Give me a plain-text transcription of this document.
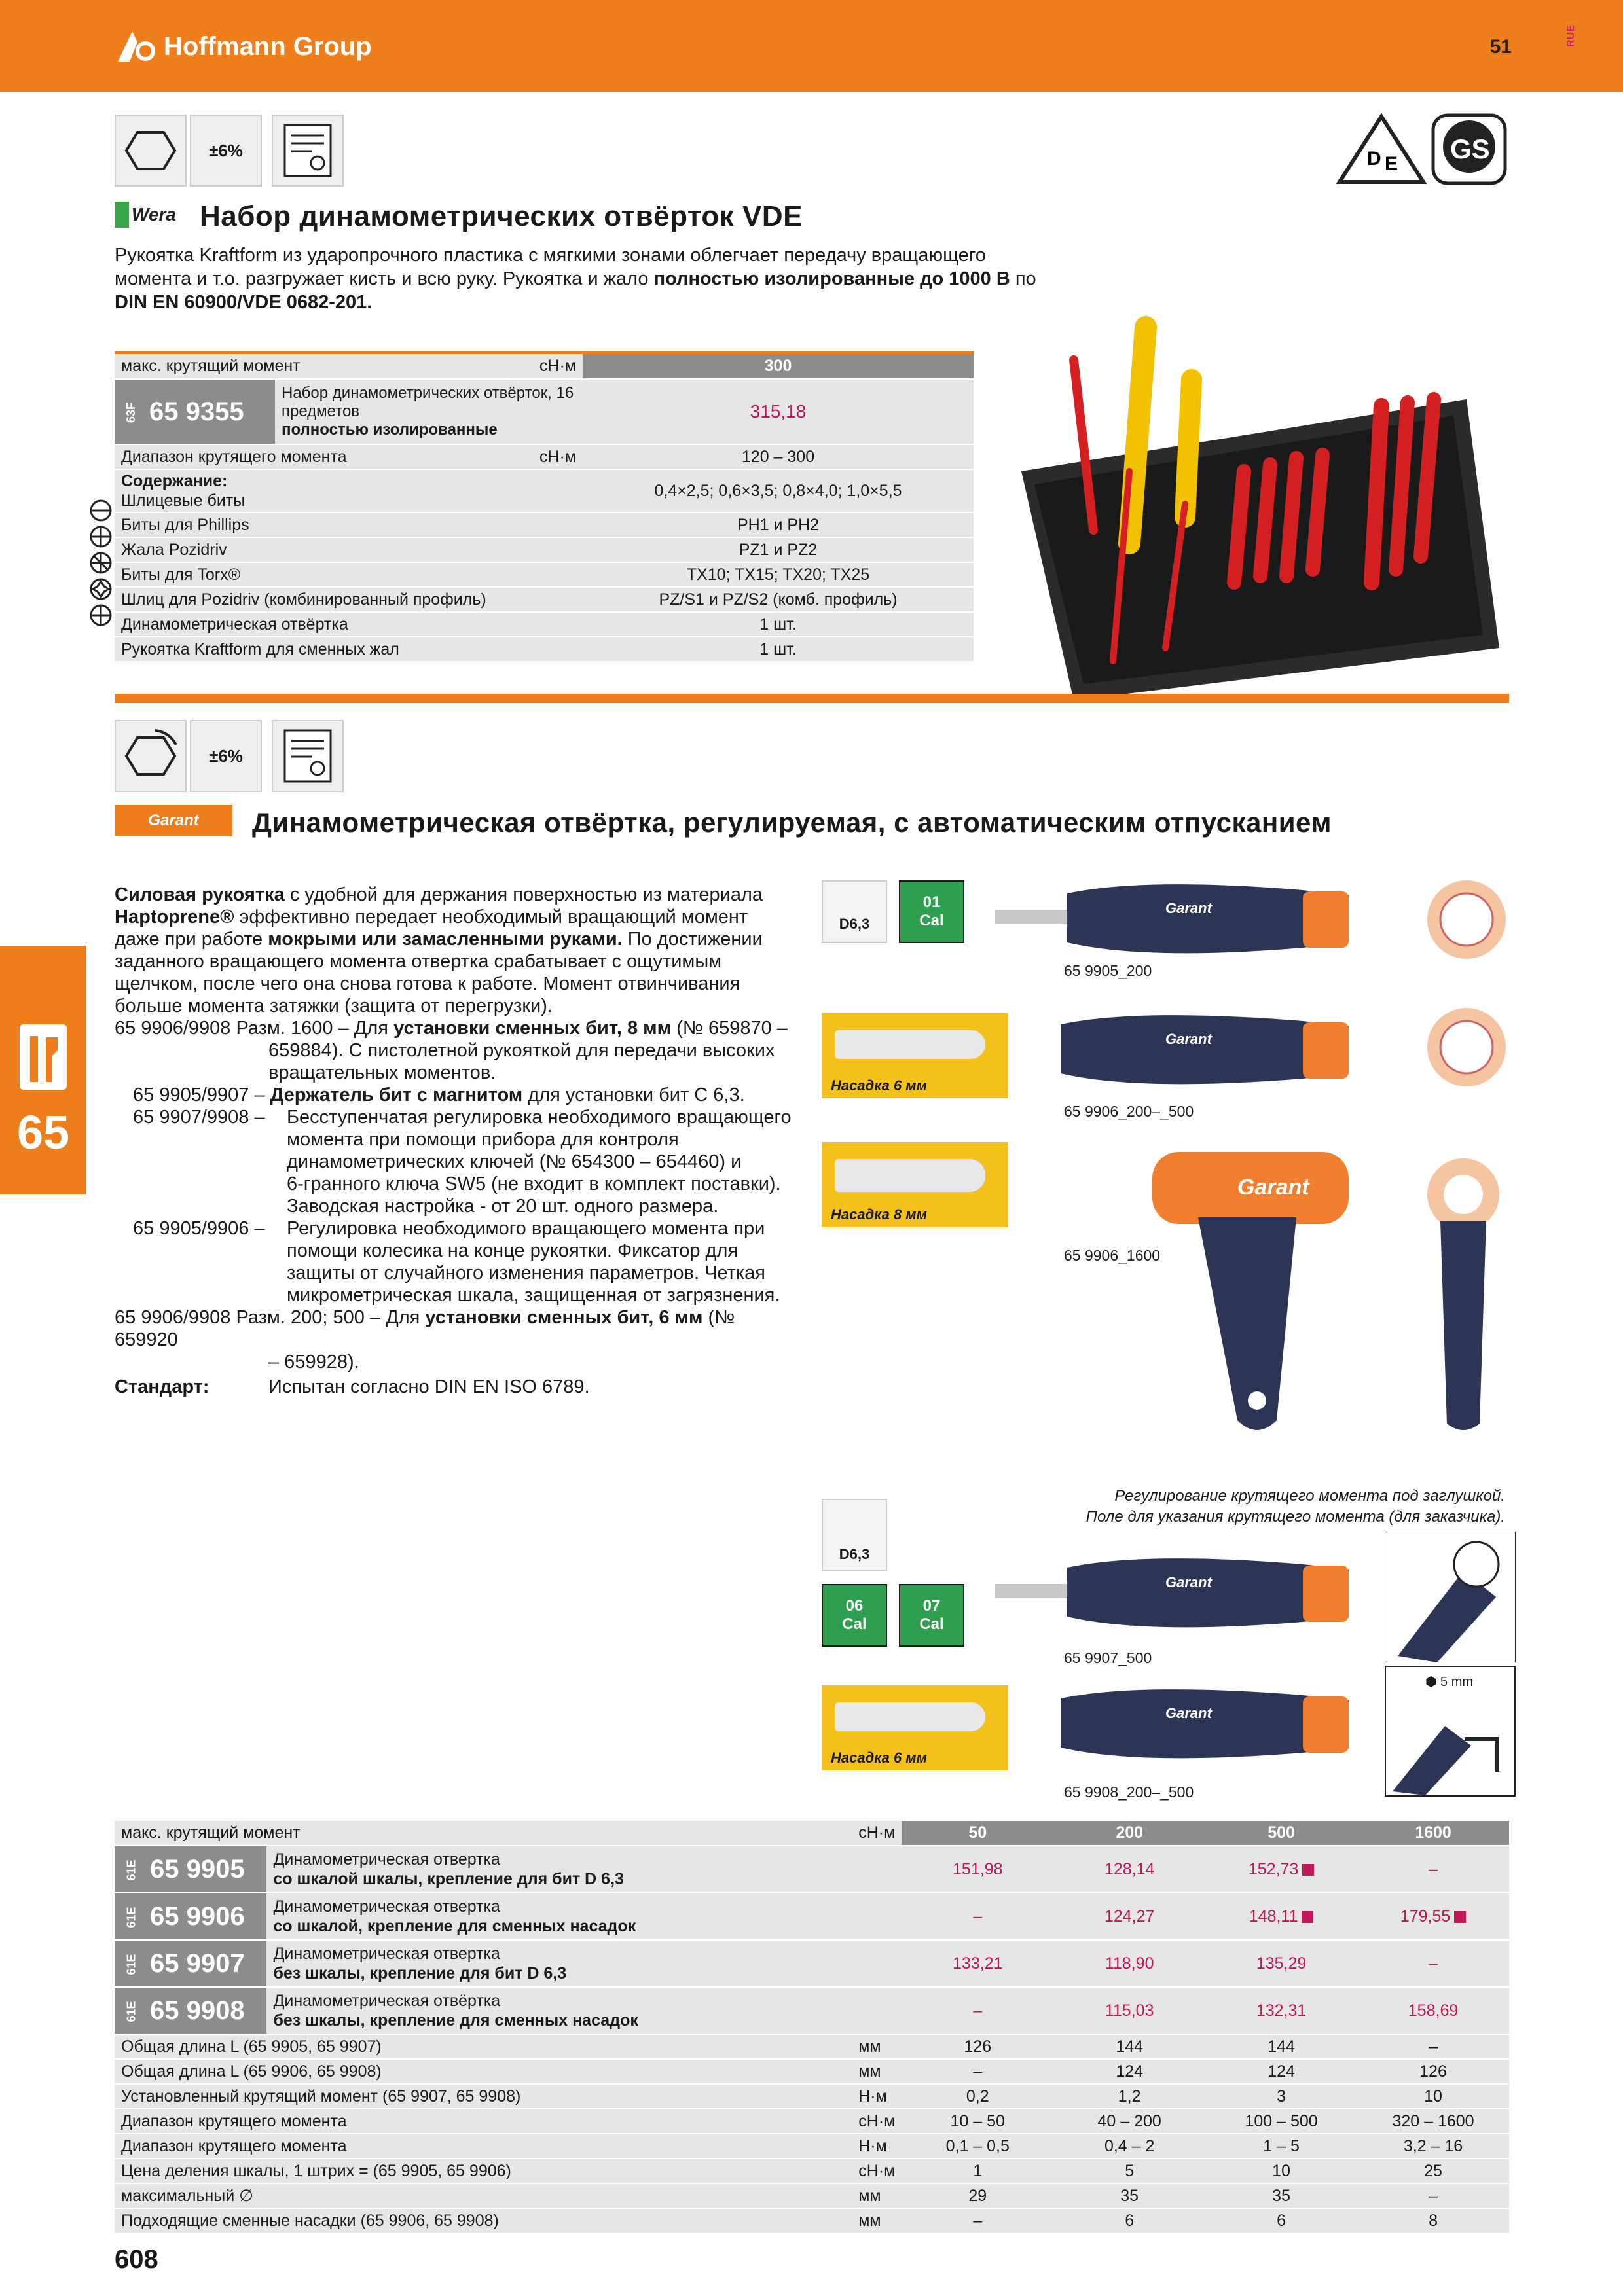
Hoffmann Group	51	RUE
±6%	D E GS
Wera Набор динамометрических отвёрток VDE
Рукоятка Kraftform из ударопрочного пластика с мягкими зонами облегчает передачу вращающего
момента и т.о. разгружает кисть и всю руку. Рукоятка и жало полностью изолированные до 1000 В по
DIN EN 60900/VDE 0682-201.
макс. крутящий момент cН·м		300
63F 65 9355	Набор динамометрических отвёрток, 16
предметов
полностью изолированные	315,18
Диапазон крутящего момента cН·м		120 – 300

Содержание:
Шлицевые биты		0,4×2,5; 0,6×3,5; 0,8×4,0; 1,0×5,5
Биты для Phillips		PH1 и PH2
Жала Pozidriv		PZ1 и PZ2
Биты для Torx®		TX10; TX15; TX20; TX25
Шлиц для Pozidriv (комбинированный профиль)		PZ/S1 и PZ/S2 (комб. профиль)
Динамометрическая отвёртка		1 шт.
Рукоятка Kraftform для сменных жал		1 шт.
±6%
Garant	Динамометрическая отвёртка, регулируемая, с автоматическим отпусканием
65
Силовая рукоятка с удобной для держания поверхностью из материала
Haptoprene® эффективно передает необходимый вращающий момент
даже при работе мокрыми или замасленными руками. По достижении
заданного вращающего момента отвертка срабатывает с ощутимым
щелчком, после чего она снова готова к работе. Момент отвинчивания
больше момента затяжки (защита от перегрузки).
65 9906/9908 Разм. 1600 – Для установки сменных бит, 8 мм (№ 659870 –
659884). С пистолетной рукояткой для передачи высоких
вращательных моментов.
65 9905/9907 – Держатель бит с магнитом для установки бит C 6,3.
65 9907/9908 –	Бесступенчатая регулировка необходимого вращающего
момента при помощи прибора для контроля
динамометрических ключей (№ 654300 – 654460) и
6-гранного ключа SW5 (не входит в комплект поставки).
Заводская настройка - от 20 шт. одного размера.
65 9905/9906 –	Регулировка необходимого вращающего момента при
помощи колесика на конце рукоятки. Фиксатор для
защиты от случайного изменения параметров. Четкая
микрометрическая шкала, защищенная от загрязнения.
65 9906/9908 Разм. 200; 500 – Для установки сменных бит, 6 мм (№ 659920
– 659928).
Стандарт:	Испытан согласно DIN EN ISO 6789.
D6,3
01
Cal
Насадка 6 мм
Насадка 8 мм
Garant
65 9905_200
Garant
65 9906_200–_500
Garant
65 9906_1600
Регулирование крутящего момента под заглушкой.
Поле для указания крутящего момента (для заказчика).
D6,3
06
Cal
07
Cal
Garant
65 9907_500
Насадка 6 мм
Garant
65 9908_200–_500
⬢ 5 mm
макс. крутящий момент cН·м			50	200	500	1600
61E 65 9905	Динамометрическая отвертка
со шкалой шкалы, крепление для бит D 6,3		151,98	128,14	152,73	–
61E 65 9906	Динамометрическая отвертка
со шкалой, крепление для сменных насадок		–	124,27	148,11	179,55
61E 65 9907	Динамометрическая отвертка
без шкалы, крепление для бит D 6,3		133,21	118,90	135,29	–
61E 65 9908	Динамометрическая отвёртка
без шкалы, крепление для сменных насадок		–	115,03	132,31	158,69
Общая длина L (65 9905, 65 9907)		мм	126	144	144	–
Общая длина L (65 9906, 65 9908)		мм	–	124	124	126
Установленный крутящий момент (65 9907, 65 9908)		Н·м	0,2	1,2	3	10
Диапазон крутящего момента		cН·м	10 – 50	40 – 200	100 – 500	320 – 1600
Диапазон крутящего момента		Н·м	0,1 – 0,5	0,4 – 2	1 – 5	3,2 – 16
Цена деления шкалы, 1 штрих = (65 9905, 65 9906)		cН·м	1	5	10	25
максимальный ∅		мм	29	35	35	–
Подходящие сменные насадки (65 9906, 65 9908)		мм	–	6	6	8
608
